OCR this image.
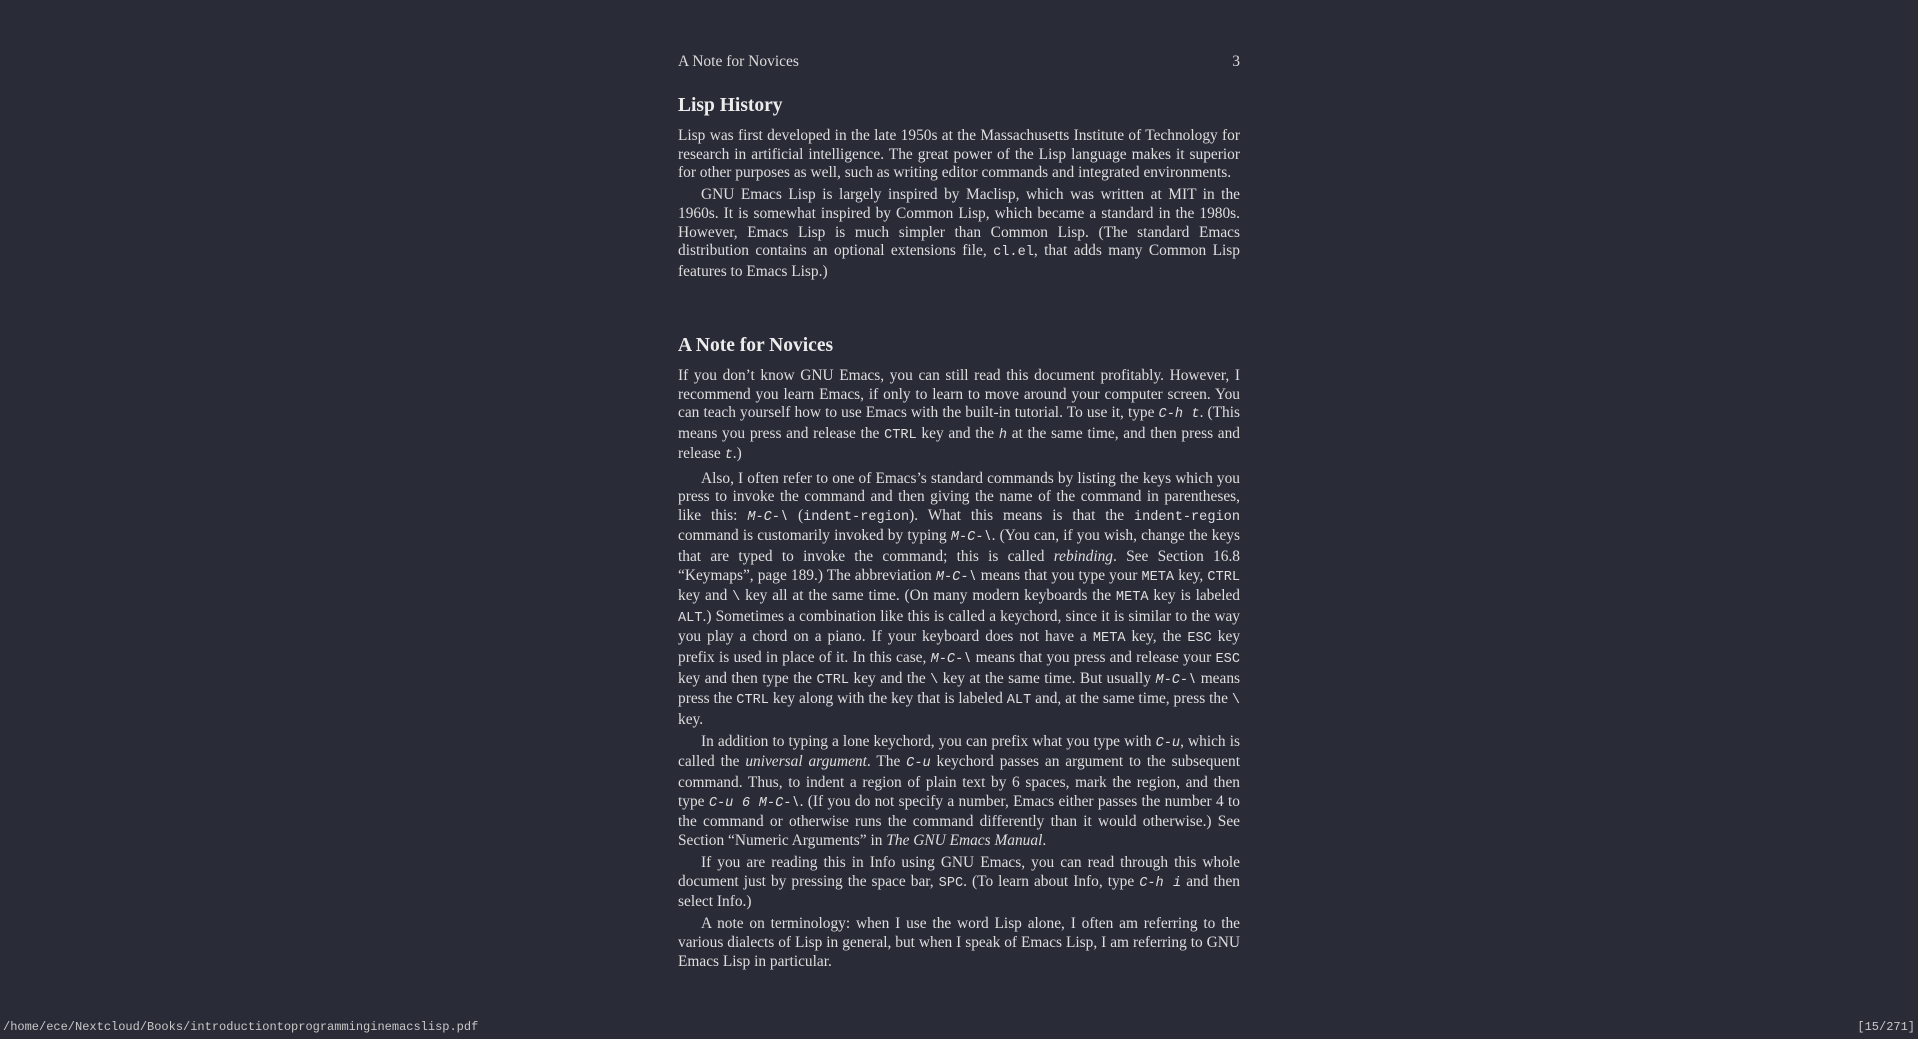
A Note for Novices	3
Lisp History

Lisp was first developed in the late 1950s at the Massachusetts Institute of Technology for research in artificial intelligence. The great power of the Lisp language makes it superior for other purposes as well, such as writing editor commands and integrated environments.

GNU Emacs Lisp is largely inspired by Maclisp, which was written at MIT in the 1960s. It is somewhat inspired by Common Lisp, which became a standard in the 1980s. However, Emacs Lisp is much simpler than Common Lisp. (The standard Emacs distribution contains an optional extensions file, cl.el, that adds many Common Lisp features to Emacs Lisp.)

A Note for Novices

If you don’t know GNU Emacs, you can still read this document profitably. However, I recommend you learn Emacs, if only to learn to move around your computer screen. You can teach yourself how to use Emacs with the built-in tutorial. To use it, type C-h t. (This means you press and release the CTRL key and the h at the same time, and then press and release t.)

Also, I often refer to one of Emacs’s standard commands by listing the keys which you press to invoke the command and then giving the name of the command in parentheses, like this: M-C-\ (indent-region). What this means is that the indent-region command is customarily invoked by typing M-C-\. (You can, if you wish, change the keys that are typed to invoke the command; this is called rebinding. See Section 16.8 “Keymaps”, page 189.) The abbreviation M-C-\ means that you type your META key, CTRL key and \ key all at the same time. (On many modern keyboards the META key is labeled ALT.) Sometimes a combination like this is called a keychord, since it is similar to the way you play a chord on a piano. If your keyboard does not have a META key, the ESC key prefix is used in place of it. In this case, M-C-\ means that you press and release your ESC key and then type the CTRL key and the \ key at the same time. But usually M-C-\ means press the CTRL key along with the key that is labeled ALT and, at the same time, press the \ key.

In addition to typing a lone keychord, you can prefix what you type with C-u, which is called the universal argument. The C-u keychord passes an argument to the subsequent command. Thus, to indent a region of plain text by 6 spaces, mark the region, and then type C-u 6 M-C-\. (If you do not specify a number, Emacs either passes the number 4 to the command or otherwise runs the command differently than it would otherwise.) See Section “Numeric Arguments” in The GNU Emacs Manual.

If you are reading this in Info using GNU Emacs, you can read through this whole document just by pressing the space bar, SPC. (To learn about Info, type C-h i and then select Info.)

A note on terminology: when I use the word Lisp alone, I often am referring to the various dialects of Lisp in general, but when I speak of Emacs Lisp, I am referring to GNU Emacs Lisp in particular.

/home/ece/Nextcloud/Books/introductiontoprogramminginemacslisp.pdf	[15/271]
